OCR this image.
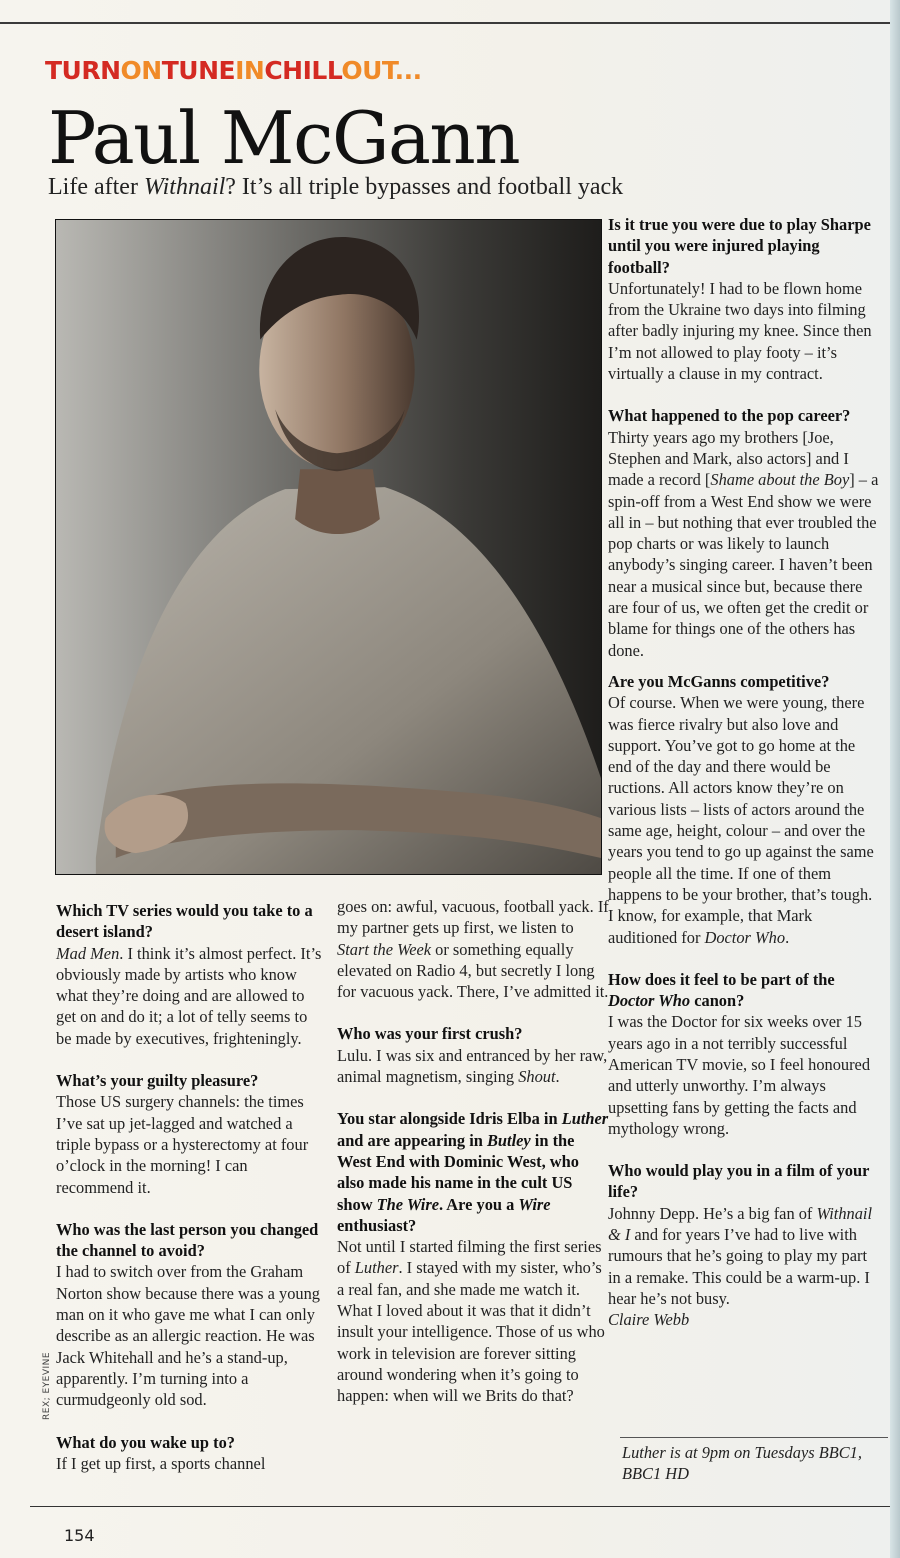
TURNONTUNEINCHILLOUT...
Paul McGann
Life after Withnail? It’s all triple bypasses and football yack
REX; EYEVINE

Which TV series would you take to a desert island?

Mad Men. I think it’s almost perfect. It’s obviously made by artists who know what they’re doing and are allowed to get on and do it; a lot of telly seems to be made by executives, frighteningly.

What’s your guilty pleasure?

Those US surgery channels: the times I’ve sat up jet-lagged and watched a triple bypass or a hysterectomy at four o’clock in the morning! I can recommend it.

Who was the last person you changed the channel to avoid?

I had to switch over from the Graham Norton show because there was a young man on it who gave me what I can only describe as an allergic reaction. He was Jack Whitehall and he’s a stand-up, apparently. I’m turning into a curmudgeonly old sod.

What do you wake up to?

If I get up first, a sports channel

goes on: awful, vacuous, football yack. If my partner gets up first, we listen to Start the Week or something equally elevated on Radio 4, but secretly I long for vacuous yack. There, I’ve admitted it.

Who was your first crush?

Lulu. I was six and entranced by her raw, animal magnetism, singing Shout.

You star alongside Idris Elba in Luther and are appearing in Butley in the West End with Dominic West, who also made his name in the cult US show The Wire. Are you a Wire enthusiast?

Not until I started filming the first series of Luther. I stayed with my sister, who’s a real fan, and she made me watch it. What I loved about it was that it didn’t insult your intelligence. Those of us who work in television are forever sitting around wondering when it’s going to happen: when will we Brits do that?

Is it true you were due to play Sharpe until you were injured playing football?

Unfortunately! I had to be flown home from the Ukraine two days into filming after badly injuring my knee. Since then I’m not allowed to play footy – it’s virtually a clause in my contract.

What happened to the pop career?

Thirty years ago my brothers [Joe, Stephen and Mark, also actors] and I made a record [Shame about the Boy] – a spin-off from a West End show we were all in – but nothing that ever troubled the pop charts or was likely to launch anybody’s singing career. I haven’t been near a musical since but, because there are four of us, we often get the credit or blame for things one of the others has done.

Are you McGanns competitive?

Of course. When we were young, there was fierce rivalry but also love and support. You’ve got to go home at the end of the day and there would be ructions. All actors know they’re on various lists – lists of actors around the same age, height, colour – and over the years you tend to go up against the same people all the time. If one of them happens to be your brother, that’s tough. I know, for example, that Mark auditioned for Doctor Who.

How does it feel to be part of the Doctor Who canon?

I was the Doctor for six weeks over 15 years ago in a not terribly successful American TV movie, so I feel honoured and utterly unworthy. I’m always upsetting fans by getting the facts and mythology wrong.

Who would play you in a film of your life?

Johnny Depp. He’s a big fan of Withnail & I and for years I’ve had to live with rumours that he’s going to play my part in a remake. This could be a warm-up. I hear he’s not busy.

Claire Webb

Luther is at 9pm on Tuesdays BBC1, BBC1 HD
154
